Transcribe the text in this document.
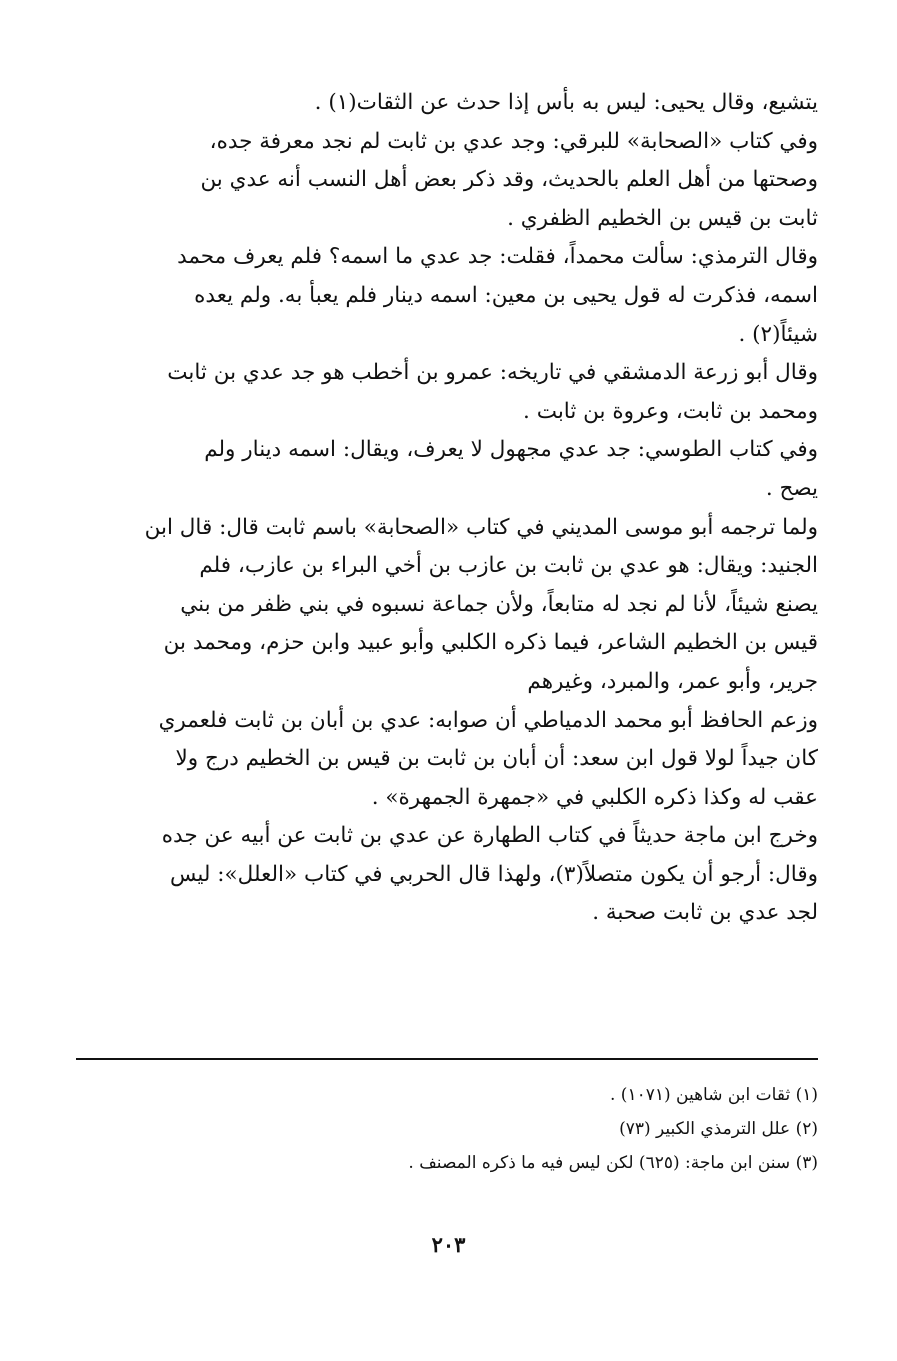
يتشيع، وقال يحيى: ليس به بأس إذا حدث عن الثقات(١) .
وفي كتاب «الصحابة» للبرقي: وجد عدي بن ثابت لم نجد معرفة جده،
وصحتها من أهل العلم بالحديث، وقد ذكر بعض أهل النسب أنه عدي بن
ثابت بن قيس بن الخطيم الظفري .
وقال الترمذي: سألت محمداً، فقلت: جد عدي ما اسمه؟ فلم يعرف محمد
اسمه، فذكرت له قول يحيى بن معين: اسمه دينار فلم يعبأ به. ولم يعده
شيئاً(٢) .
وقال أبو زرعة الدمشقي في تاريخه: عمرو بن أخطب هو جد عدي بن ثابت
ومحمد بن ثابت، وعروة بن ثابت .
وفي كتاب الطوسي: جد عدي مجهول لا يعرف، ويقال: اسمه دينار ولم
يصح .
ولما ترجمه أبو موسى المديني في كتاب «الصحابة» باسم ثابت قال: قال ابن
الجنيد: ويقال: هو عدي بن ثابت بن عازب بن أخي البراء بن عازب، فلم
يصنع شيئاً، لأنا لم نجد له متابعاً، ولأن جماعة نسبوه في بني ظفر من بني
قيس بن الخطيم الشاعر، فيما ذكره الكلبي وأبو عبيد وابن حزم، ومحمد بن
جرير، وأبو عمر، والمبرد، وغيرهم
وزعم الحافظ أبو محمد الدمياطي أن صوابه: عدي بن أبان بن ثابت فلعمري
كان جيداً لولا قول ابن سعد: أن أبان بن ثابت بن قيس بن الخطيم درج ولا
عقب له وكذا ذكره الكلبي في «جمهرة الجمهرة» .
وخرج ابن ماجة حديثاً في كتاب الطهارة عن عدي بن ثابت عن أبيه عن جده
وقال: أرجو أن يكون متصلاً(٣)، ولهذا قال الحربي في كتاب «العلل»: ليس
لجد عدي بن ثابت صحبة .
(١) ثقات ابن شاهين (١٠٧١) .
(٢) علل الترمذي الكبير (٧٣)
(٣) سنن ابن ماجة: (٦٢٥) لكن ليس فيه ما ذكره المصنف .
٢٠٣
